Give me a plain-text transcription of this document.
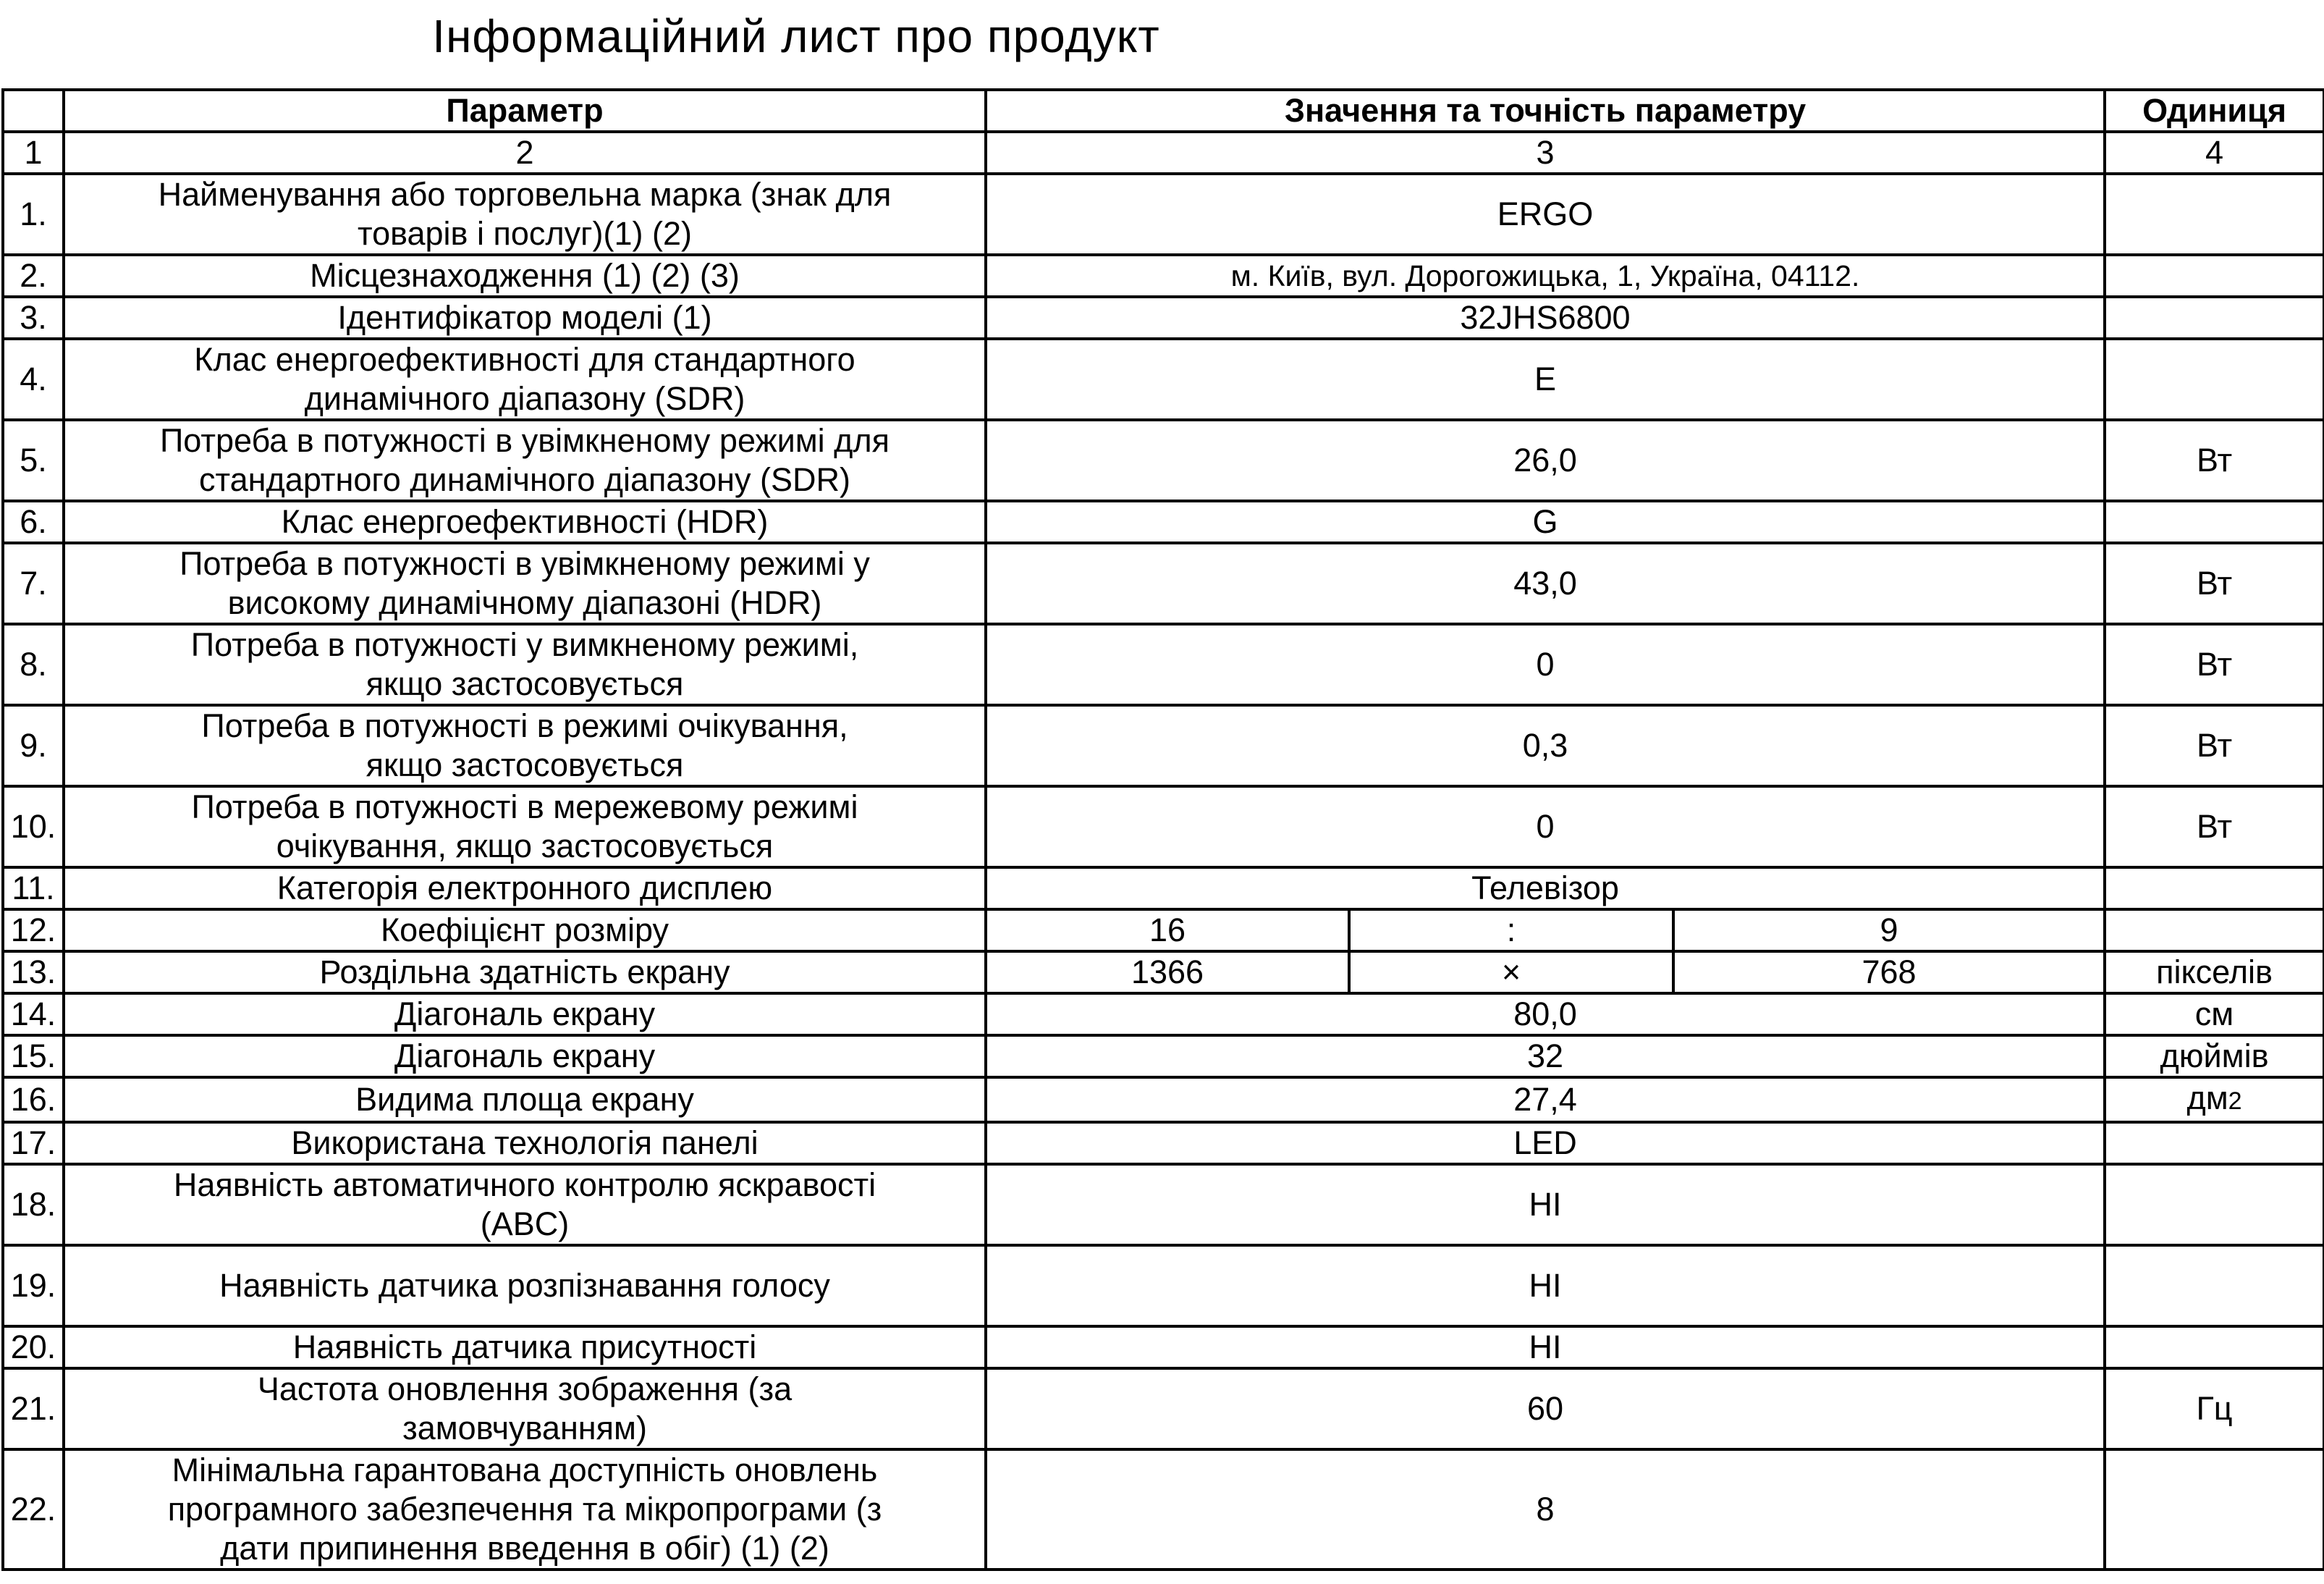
Інформаційний лист про продукт
	Параметр	Значення та точність параметру			Одиниця
1	2	3			4
1.	Найменування або торговельна марка (знак для
товарів і послуг)(1) (2)	ERGO			
2.	Місцезнаходження (1) (2) (3)	м. Київ, вул. Дорогожицька, 1, Україна, 04112.			
3.	Ідентифікатор моделі (1)	32JHS6800			
4.	Клас енергоефективності для стандартного
динамічного діапазону (SDR)	E			
5.	Потреба в потужності в увімкненому режимі для
стандартного динамічного діапазону (SDR)	26,0			Вт
6.	Клас енергоефективності (HDR)	G			
7.	Потреба в потужності в увімкненому режимі у
високому динамічному діапазоні (HDR)	43,0			Вт
8.	Потреба в потужності у вимкненому режимі,
якщо застосовується	0			Вт
9.	Потреба в потужності в режимі очікування,
якщо застосовується	0,3			Вт
10.	Потреба в потужності в мережевому режимі
очікування, якщо застосовується	0			Вт
11.	Категорія електронного дисплею	Телевізор			
12.	Коефіцієнт розміру	16	:	9	
13.	Роздільна здатність екрану	1366	×	768	пікселів
14.	Діагональ екрану	80,0			см
15.	Діагональ екрану	32			дюймів
16.	Видима площа екрану	27,4			дм2
17.	Використана технологія панелі	LED			
18.	Наявність автоматичного контролю яскравості
(ABC)	НІ			
19.	Наявність датчика розпізнавання голосу	НІ			
20.	Наявність датчика присутності	НІ			
21.	Частота оновлення зображення (за
замовчуванням)	60			Гц
22.	Мінімальна гарантована доступність оновлень
програмного забезпечення та мікропрограми (з
дати припинення введення в обіг) (1) (2)	8			
